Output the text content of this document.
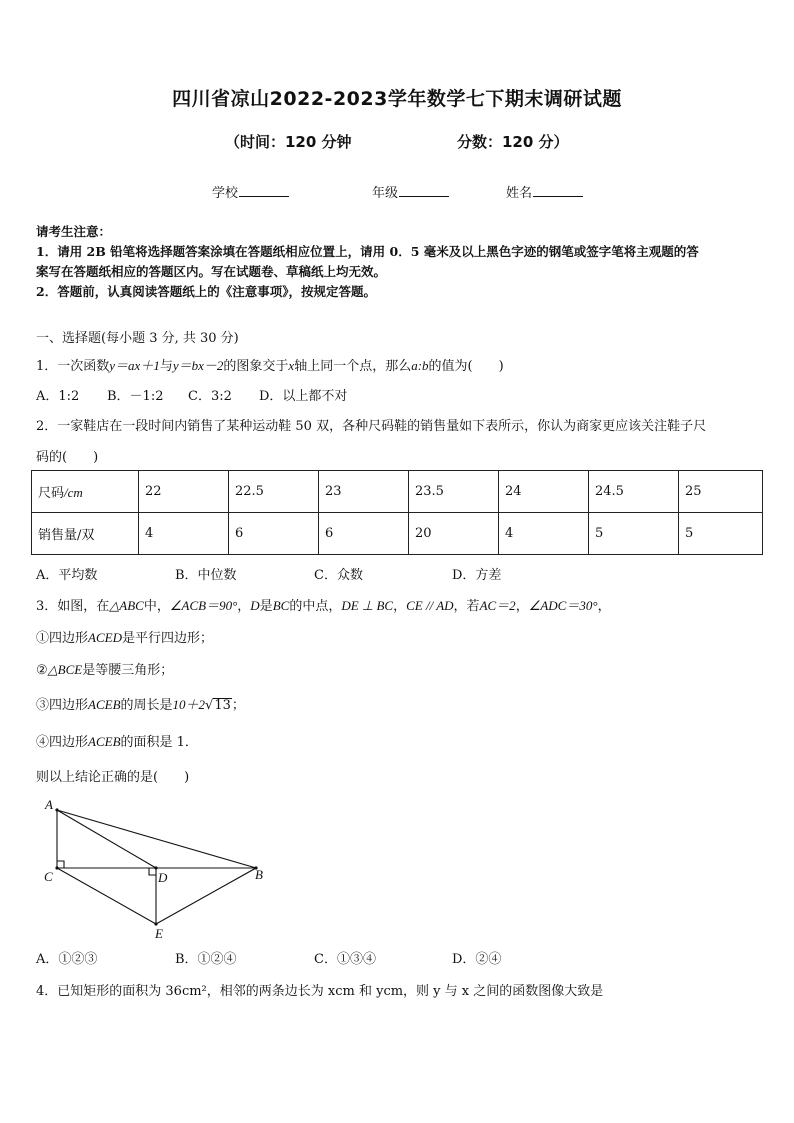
四川省凉山2022-2023学年数学七下期末调研试题
（时间：120 分钟	分数：120 分）
学校	年级	姓名
请考生注意：
1．请用 2B 铅笔将选择题答案涂填在答题纸相应位置上，请用 0．5 毫米及以上黑色字迹的钢笔或签字笔将主观题的答
案写在答题纸相应的答题区内。写在试题卷、草稿纸上均无效。
2．答题前，认真阅读答题纸上的《注意事项》，按规定答题。
一、选择题(每小题 3 分, 共 30 分)
1．一次函数y＝ax＋1与y＝bx－2的图象交于x轴上同一个点，那么a:b的值为(　　)
A．1:2 B．－1:2 C．3:2 D．以上都不对
2．一家鞋店在一段时间内销售了某种运动鞋 50 双，各种尺码鞋的销售量如下表所示，你认为商家更应该关注鞋子尺
码的(　　)
尺码/cm	22	22.5	23	23.5	24	24.5	25
销售量/双	4	6	6	20	4	5	5
A．平均数	B．中位数	C．众数	D．方差
3．如图，在△ABC中，∠ACB＝90°，D是BC的中点，DE ⊥ BC，CE // AD，若AC＝2，∠ADC＝30°，
①四边形ACED是平行四边形；
②△BCE是等腰三角形；
③四边形ACEB的周长是10＋2√13；
④四边形ACEB的面积是 1．
则以上结论正确的是(　　)
A
C	D	B
E
A．①②③	B．①②④	C．①③④	D．②④
4．已知矩形的面积为 36cm²，相邻的两条边长为 xcm 和 ycm，则 y 与 x 之间的函数图像大致是
